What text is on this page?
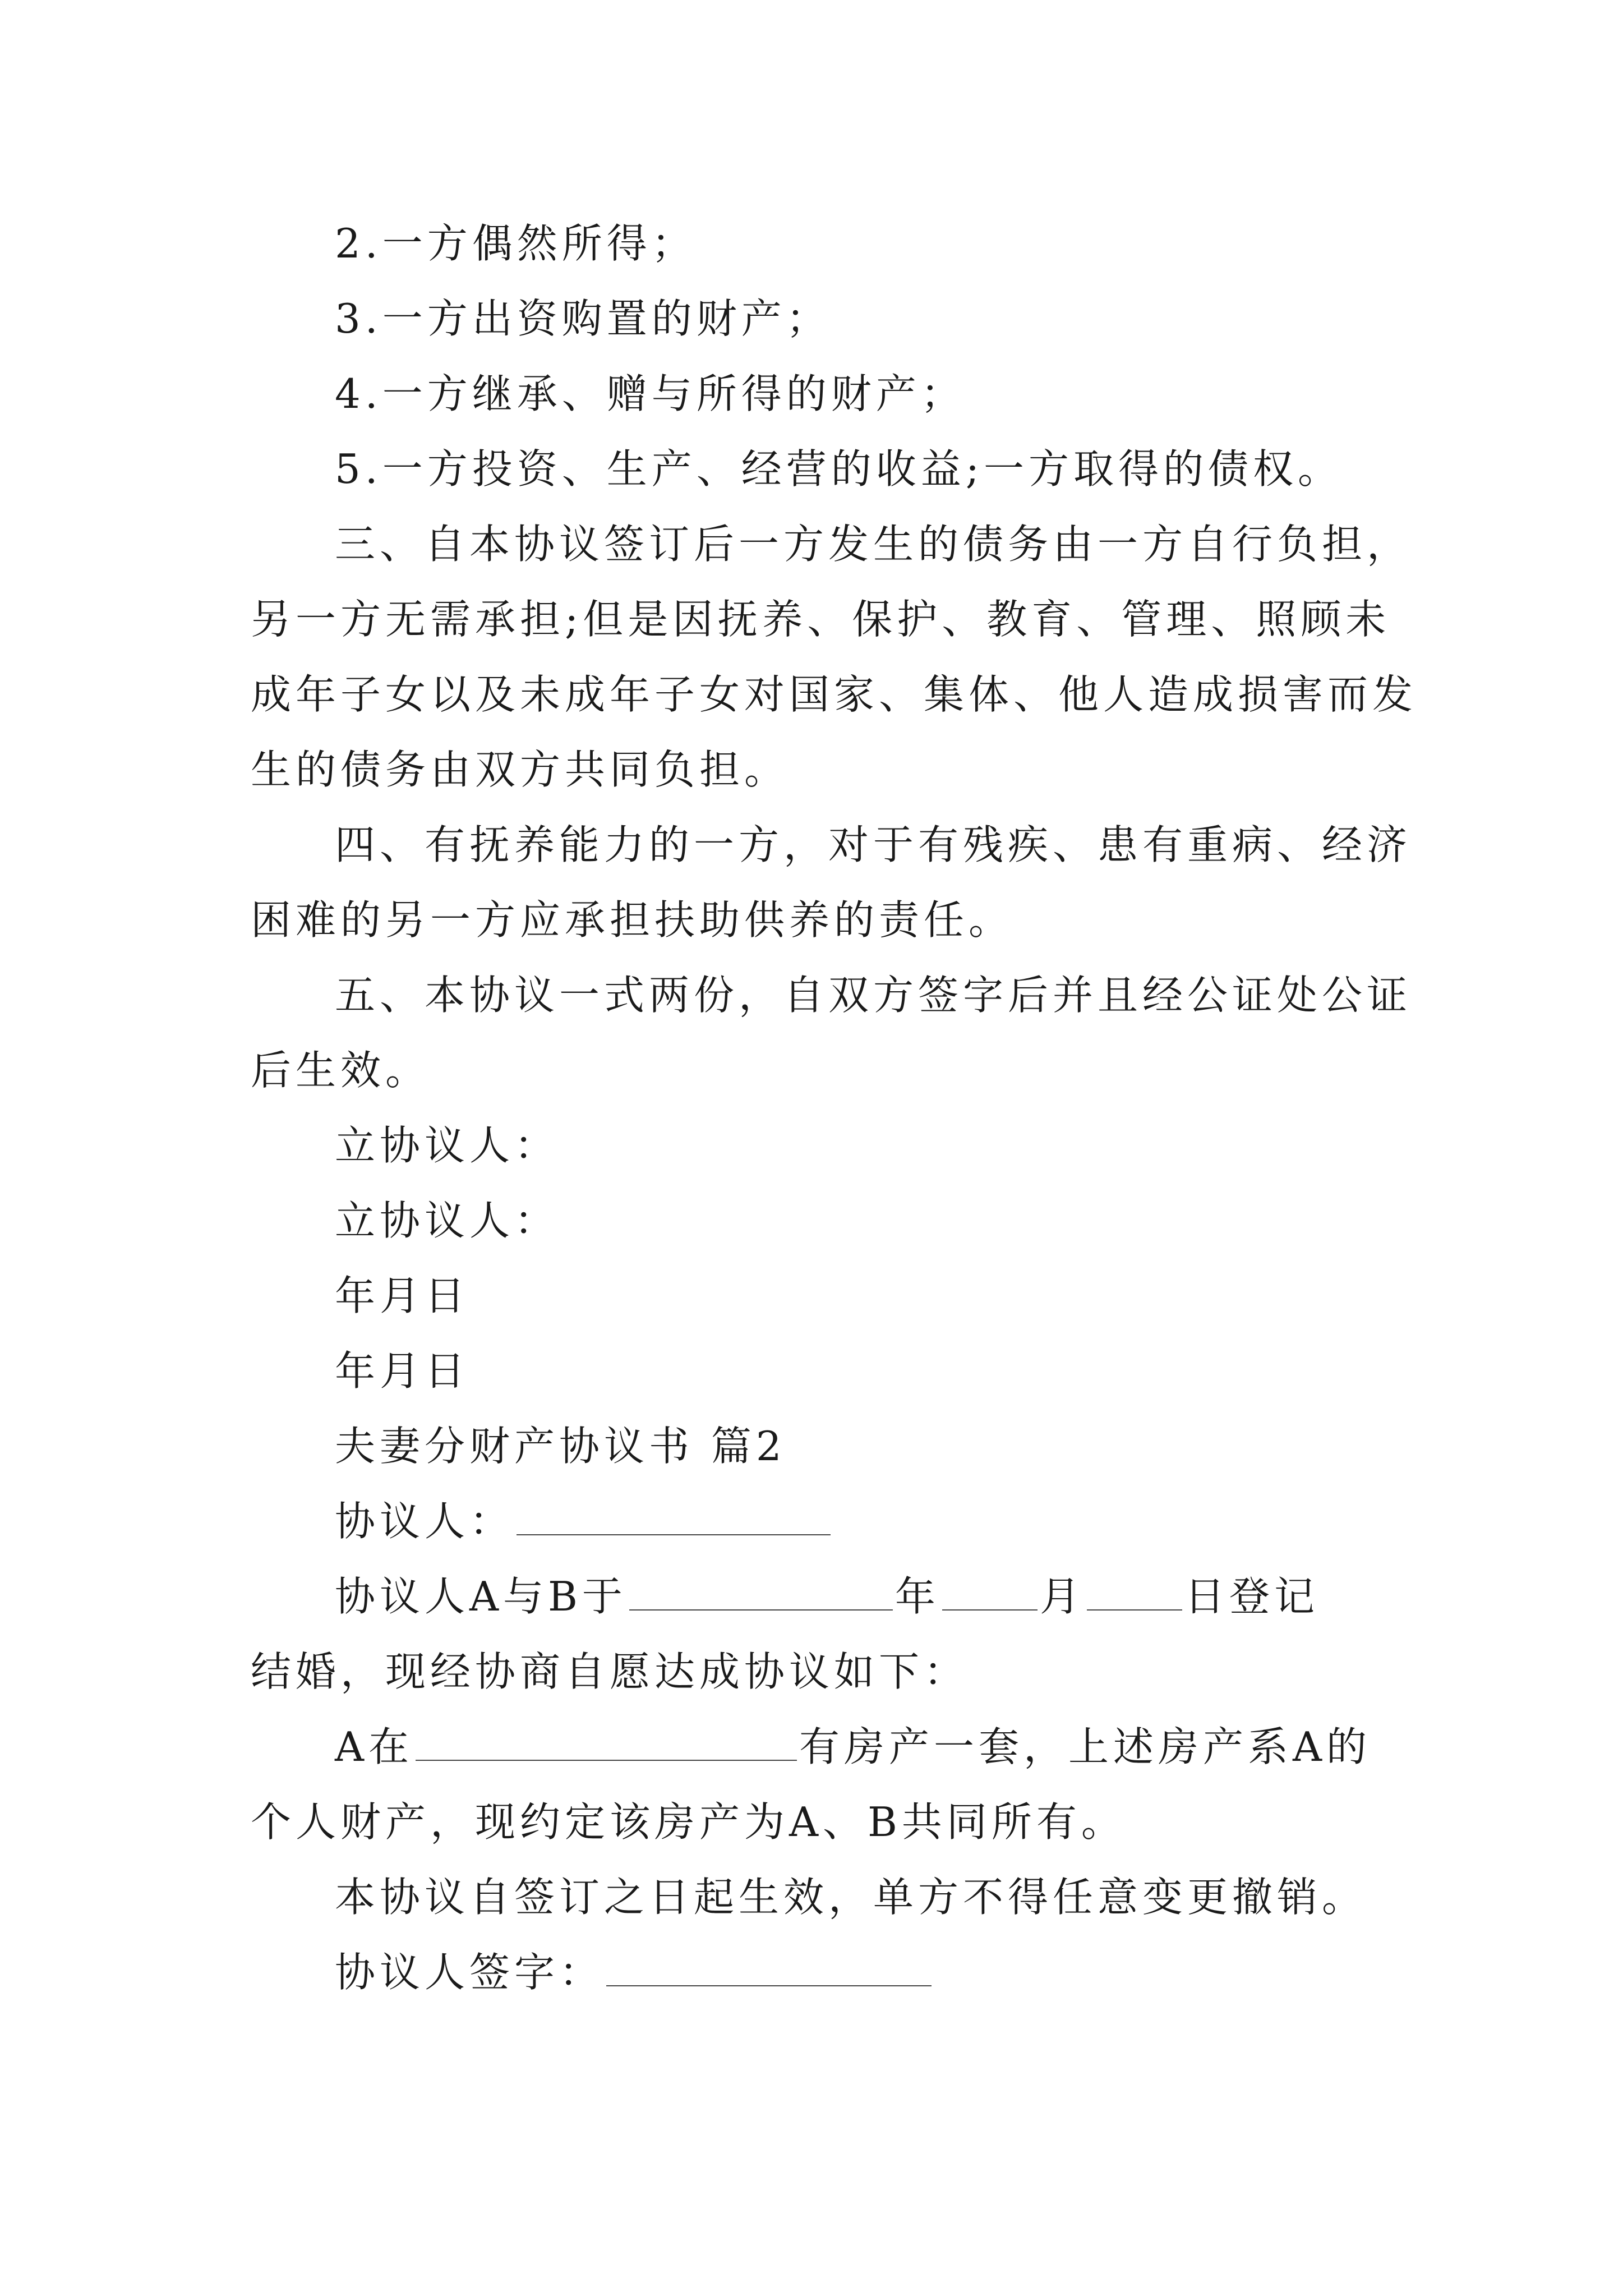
2.一方偶然所得；
3.一方出资购置的财产；
4.一方继承、赠与所得的财产；
5.一方投资、生产、经营的收益;一方取得的债权。
三、自本协议签订后一方发生的债务由一方自行负担，
另一方无需承担;但是因抚养、保护、教育、管理、照顾未
成年子女以及未成年子女对国家、集体、他人造成损害而发
生的债务由双方共同负担。
四、有抚养能力的一方，对于有残疾、患有重病、经济
困难的另一方应承担扶助供养的责任。
五、本协议一式两份，自双方签字后并且经公证处公证
后生效。
立协议人：
立协议人：
年月日
年月日
夫妻分财产协议书 篇2
协议人：
协议人A与B于	年 月 日登记
结婚，现经协商自愿达成协议如下：
A在	有房产一套，上述房产系A的
个人财产，现约定该房产为A、B共同所有。
本协议自签订之日起生效，单方不得任意变更撤销。
协议人签字：
